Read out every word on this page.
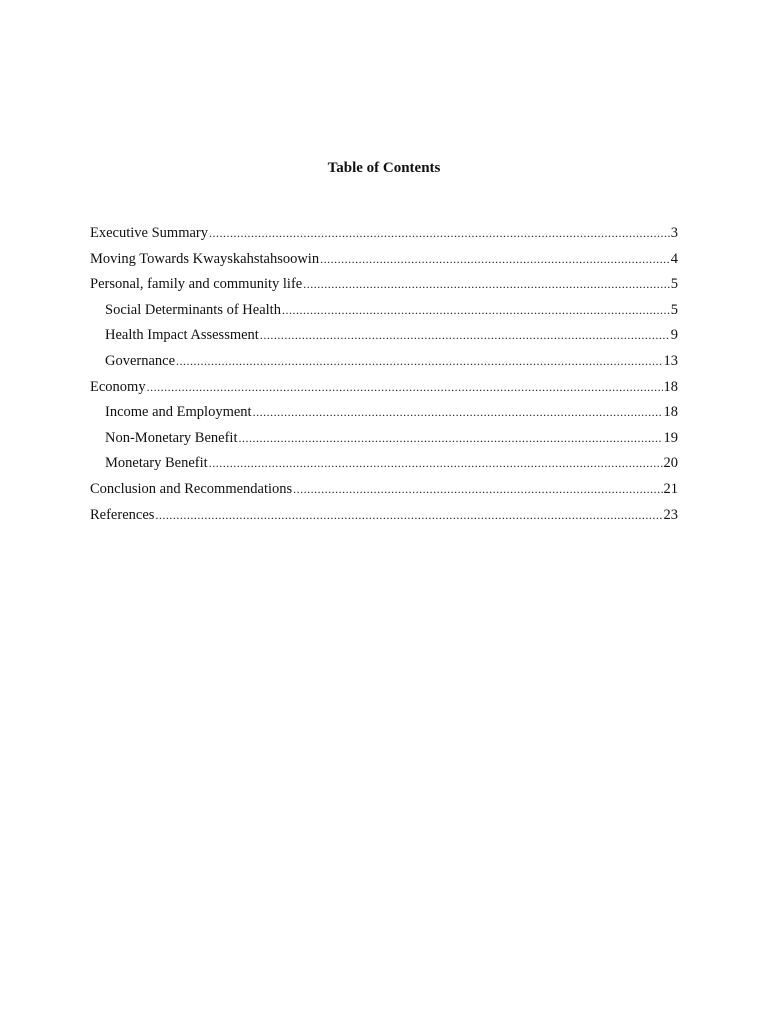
Table of Contents
Executive Summary .....	3
Moving Towards Kwayskahstahsoowin .....	4
Personal, family and community life .....	5
Social Determinants of Health .....	5
Health Impact Assessment .....	9
Governance .....	13
Economy .....	18
Income and Employment .....	18
Non-Monetary Benefit .....	19
Monetary Benefit .....	20
Conclusion and Recommendations .....	21
References .....	23
